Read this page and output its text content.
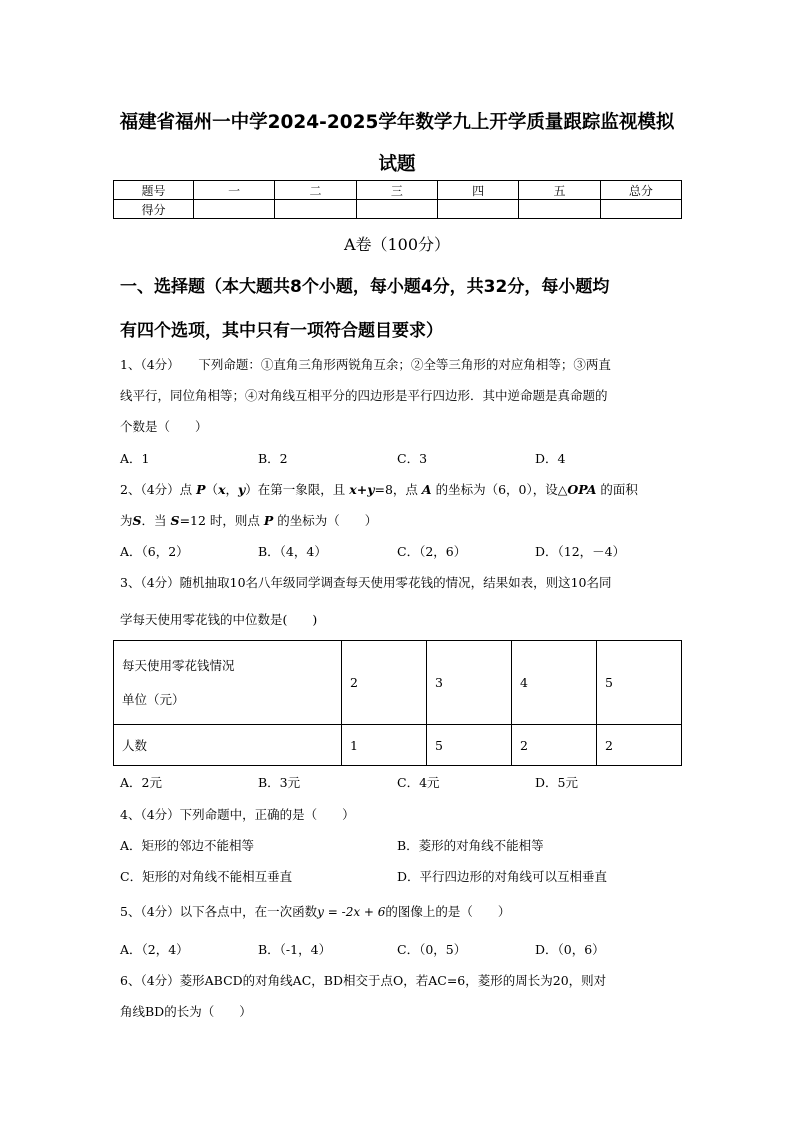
福建省福州一中学2024-2025学年数学九上开学质量跟踪监视模拟
试题
题号	一	二	三	四	五	总分
得分						
A卷（100分）
一、选择题（本大题共8个小题，每小题4分，共32分，每小题均
有四个选项，其中只有一项符合题目要求）
1、（4分）　　下列命题：①直角三角形两锐角互余；②全等三角形的对应角相等；③两直
线平行，同位角相等；④对角线互相平分的四边形是平行四边形．其中逆命题是真命题的
个数是（　　）
A．1	B．2	C．3	D．4
2、（4分）点 P（x，y）在第一象限，且 x+y=8，点 A 的坐标为（6，0），设△OPA 的面积
为S．当 S=12 时，则点 P 的坐标为（　　）
A．（6，2）	B．（4，4）	C．（2，6）	D．（12，－4）
3、（4分）随机抽取10名八年级同学调查每天使用零花钱的情况，结果如表，则这10名同
学每天使用零花钱的中位数是(　　)
每天使用零花钱情况
单位（元）	2	3	4	5
人数	1	5	2	2
A．2元	B．3元	C．4元	D．5元
4、（4分）下列命题中，正确的是（　　）
A．矩形的邻边不能相等	B．菱形的对角线不能相等
C．矩形的对角线不能相互垂直	D．平行四边形的对角线可以互相垂直
5、（4分）以下各点中，在一次函数y = -2x + 6的图像上的是（　　）
A．（2，4）	B．（-1，4）	C．（0，5）	D．（0，6）
6、（4分）菱形ABCD的对角线AC，BD相交于点O，若AC=6，菱形的周长为20，则对
角线BD的长为（　　）
